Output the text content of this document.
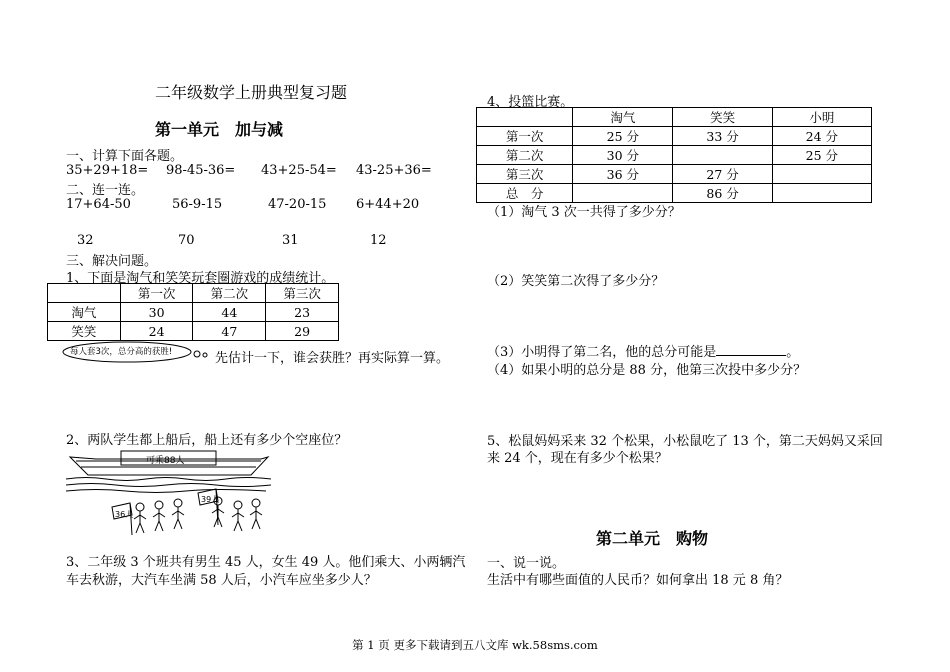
二年级数学上册典型复习题
第一单元　加与减
一、计算下面各题。
35+29+18= 98-45-36= 43+25-54= 43-25+36=
二、连一连。
17+64-50	56-9-15	47-20-15 6+44+20
32	70	31	12
三、解决问题。
1、下面是淘气和笑笑玩套圈游戏的成绩统计。
	第一次	第二次	第三次
淘气	30	44	23
笑笑	24	47	29
每人套3次，总分高的获胜!	先估计一下，谁会获胜？再实际算一算。
2、两队学生都上船后，船上还有多少个空座位？
可乘88人
36人
39人
3、二年级 3 个班共有男生 45 人，女生 49 人。他们乘大、小两辆汽
车去秋游，大汽车坐满 58 人后，小汽车应坐多少人？
4、投篮比赛。
	淘气	笑笑	小明
第一次	25 分	33 分	24 分
第二次	30 分		25 分
第三次	36 分	27 分	
总　分		86 分	
（1）淘气 3 次一共得了多少分？
（2）笑笑第二次得了多少分？
（3）小明得了第二名，他的总分可能是	。
（4）如果小明的总分是 88 分，他第三次投中多少分？
5、松鼠妈妈采来 32 个松果，小松鼠吃了 13 个，第二天妈妈又采回
来 24 个，现在有多少个松果？
第二单元　购物
一、说一说。
生活中有哪些面值的人民币？如何拿出 18 元 8 角？
第 1 页 更多下载请到五八文库 wk.58sms.com
